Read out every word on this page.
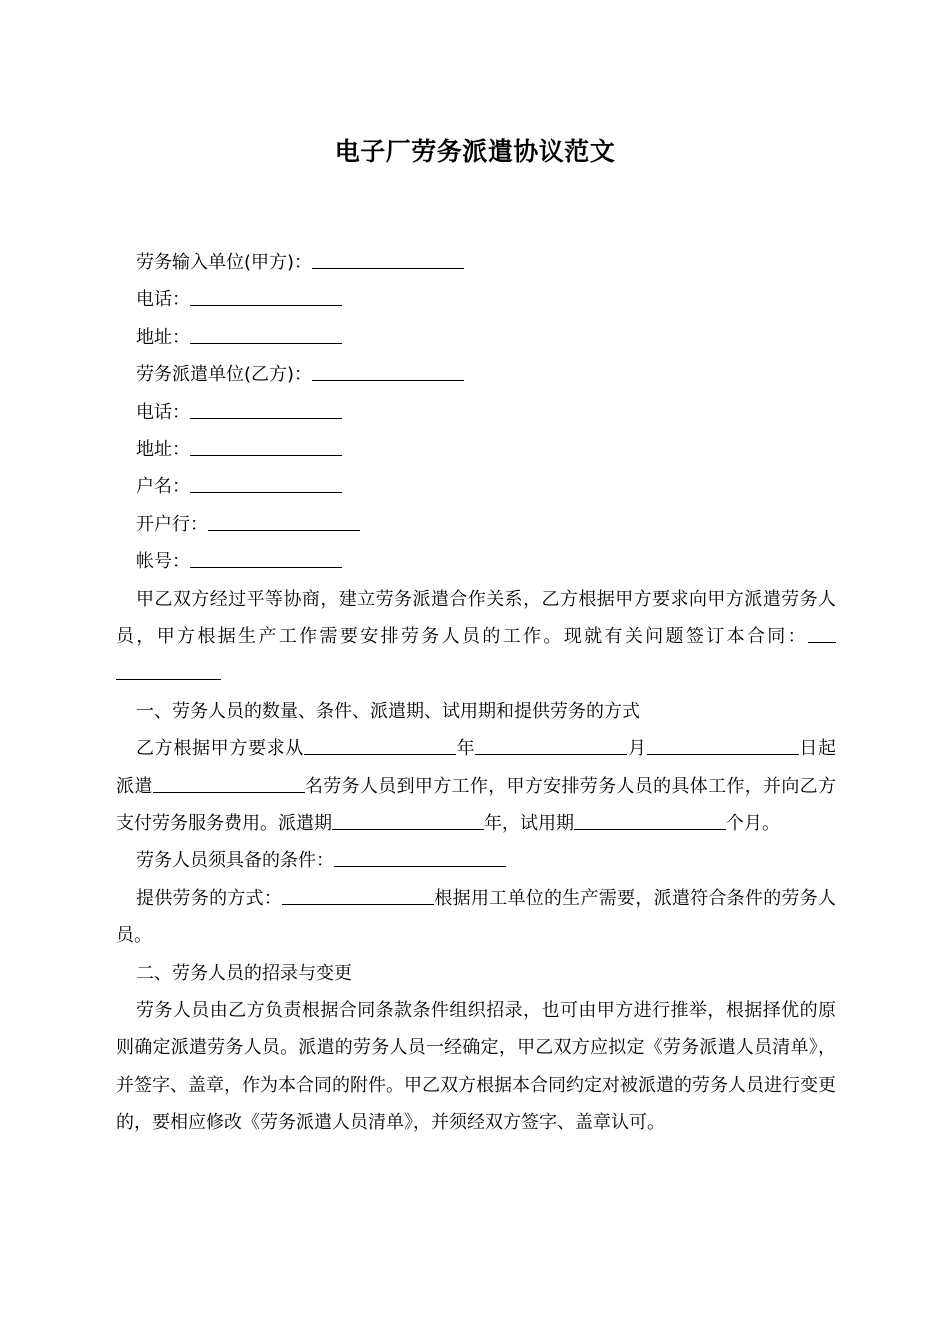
电子厂劳务派遣协议范文
劳务输入单位(甲方)：
电话：
地址：
劳务派遣单位(乙方)：
电话：
地址：
户名：
开户行：
帐号：
甲乙双方经过平等协商，建立劳务派遣合作关系，乙方根据甲方要求向甲方派遣劳务人员，甲方根据生产工作需要安排劳务人员的工作。现就有关问题签订本合同：
一、劳务人员的数量、条件、派遣期、试用期和提供劳务的方式
乙方根据甲方要求从	年	月	日起派遣	名劳务人员到甲方工作，甲方安排劳务人员的具体工作，并向乙方支付劳务服务费用。派遣期	年，试用期	个月。
劳务人员须具备的条件：
提供劳务的方式：	根据用工单位的生产需要，派遣符合条件的劳务人员。
二、劳务人员的招录与变更
劳务人员由乙方负责根据合同条款条件组织招录，也可由甲方进行推举，根据择优的原则确定派遣劳务人员。派遣的劳务人员一经确定，甲乙双方应拟定《劳务派遣人员清单》，并签字、盖章，作为本合同的附件。甲乙双方根据本合同约定对被派遣的劳务人员进行变更的，要相应修改《劳务派遣人员清单》，并须经双方签字、盖章认可。
